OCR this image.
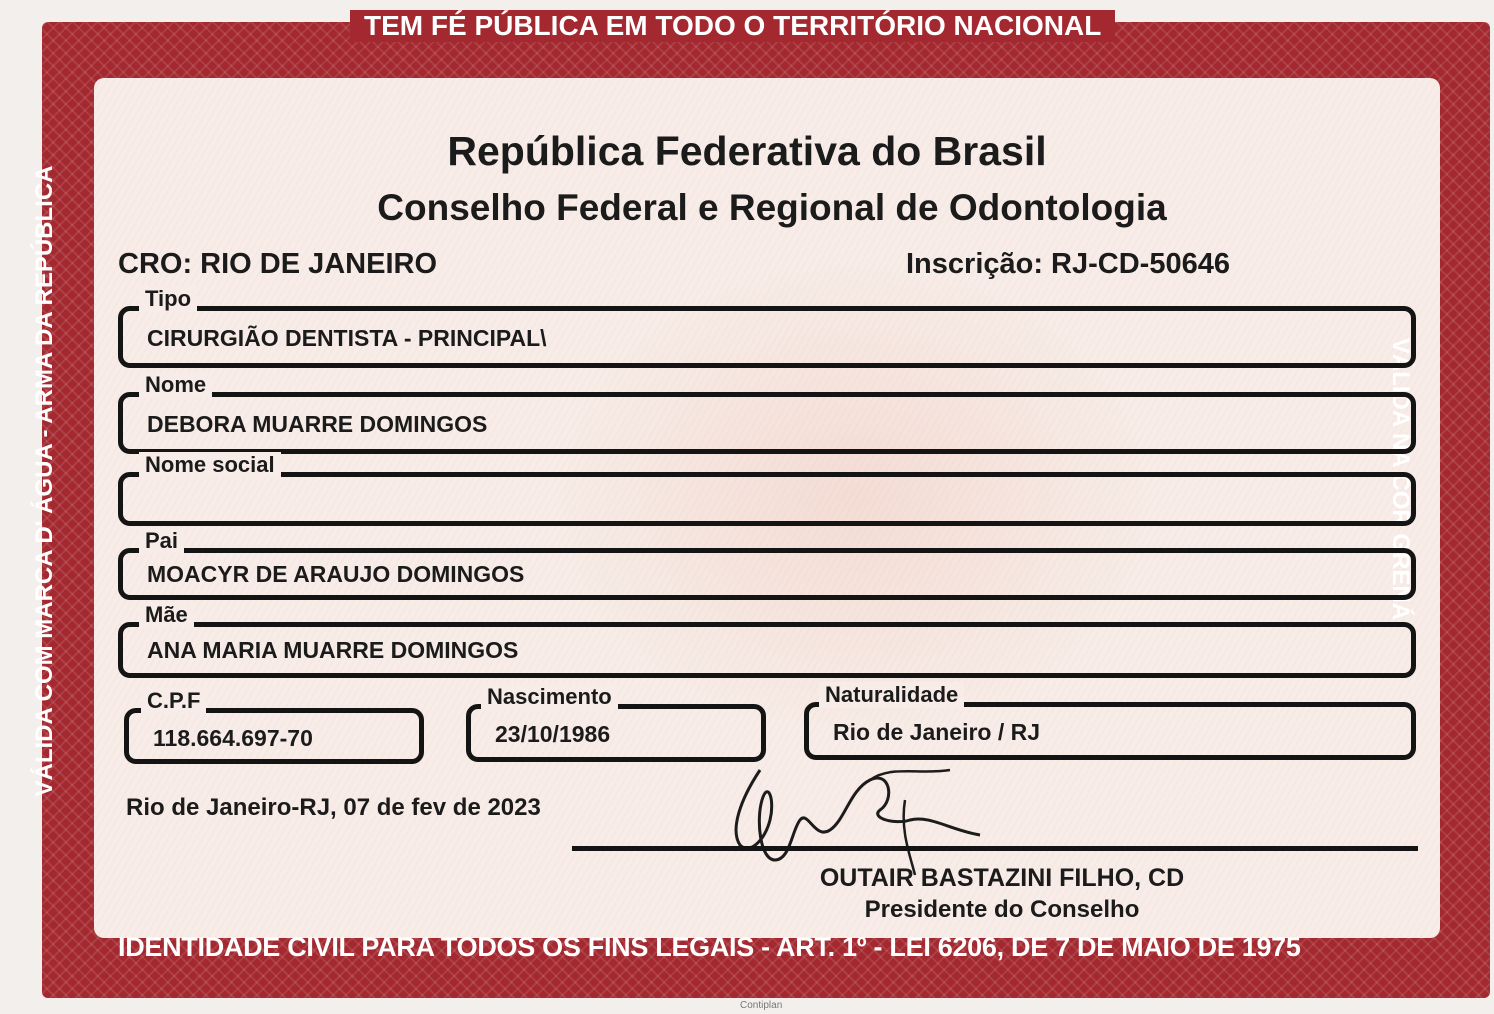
TEM FÉ PÚBLICA EM TODO O TERRITÓRIO NACIONAL
VÁLIDA COM MARCA D' ÁGUA - ARMA DA REPÚBLICA	VÁLIDA NA COR GRENÁ
IDENTIDADE CIVIL PARA TODOS OS FINS LEGAIS - ART. 1º - LEI 6206, DE 7 DE MAIO DE 1975
República Federativa do Brasil
Conselho Federal e Regional de Odontologia
CRO: RIO DE JANEIRO	Inscrição: RJ-CD-50646
Tipo
CIRURGIÃO DENTISTA - PRINCIPAL\
Nome
DEBORA MUARRE DOMINGOS
Nome social
Pai
MOACYR DE ARAUJO DOMINGOS
Mãe
ANA MARIA MUARRE DOMINGOS
C.P.F
118.664.697-70
Nascimento
23/10/1986
Naturalidade
Rio de Janeiro / RJ
Rio de Janeiro-RJ, 07 de fev de 2023
OUTAIR BASTAZINI FILHO, CD
Presidente do Conselho
Contiplan
